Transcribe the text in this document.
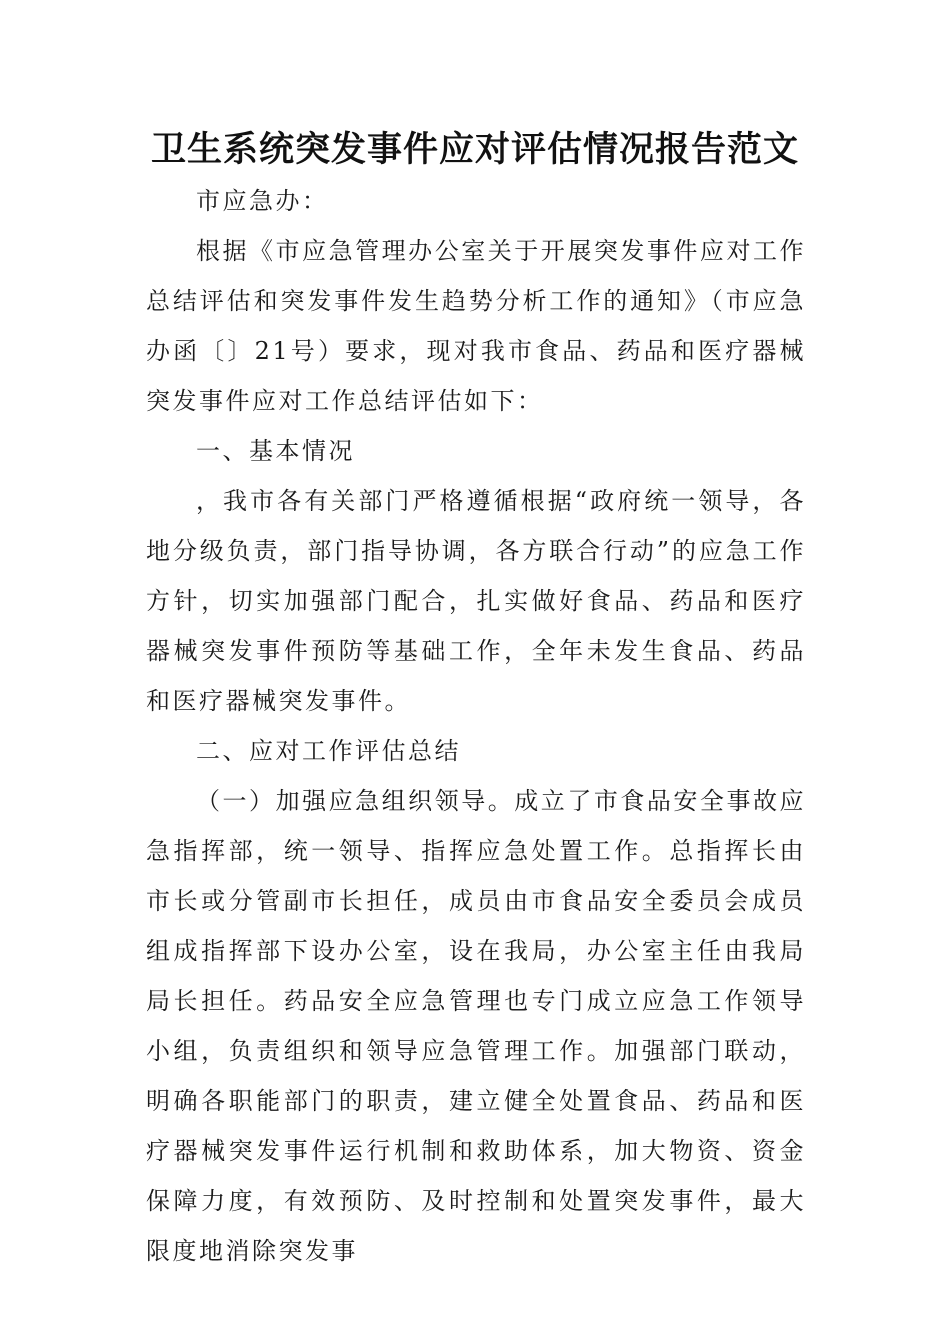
卫生系统突发事件应对评估情况报告范文

市应急办：

根据《市应急管理办公室关于开展突发事件应对工作总结评估和突发事件发生趋势分析工作的通知》（市应急办函〔〕21号）要求，现对我市食品、药品和医疗器械突发事件应对工作总结评估如下：

一、基本情况

，我市各有关部门严格遵循根据“政府统一领导，各地分级负责，部门指导协调，各方联合行动”的应急工作方针，切实加强部门配合，扎实做好食品、药品和医疗器械突发事件预防等基础工作，全年未发生食品、药品和医疗器械突发事件。

二、应对工作评估总结

（一）加强应急组织领导。成立了市食品安全事故应急指挥部，统一领导、指挥应急处置工作。总指挥长由市长或分管副市长担任，成员由市食品安全委员会成员组成指挥部下设办公室，设在我局，办公室主任由我局局长担任。药品安全应急管理也专门成立应急工作领导小组，负责组织和领导应急管理工作。加强部门联动，明确各职能部门的职责，建立健全处置食品、药品和医疗器械突发事件运行机制和救助体系，加大物资、资金保障力度，有效预防、及时控制和处置突发事件，最大限度地消除突发事
